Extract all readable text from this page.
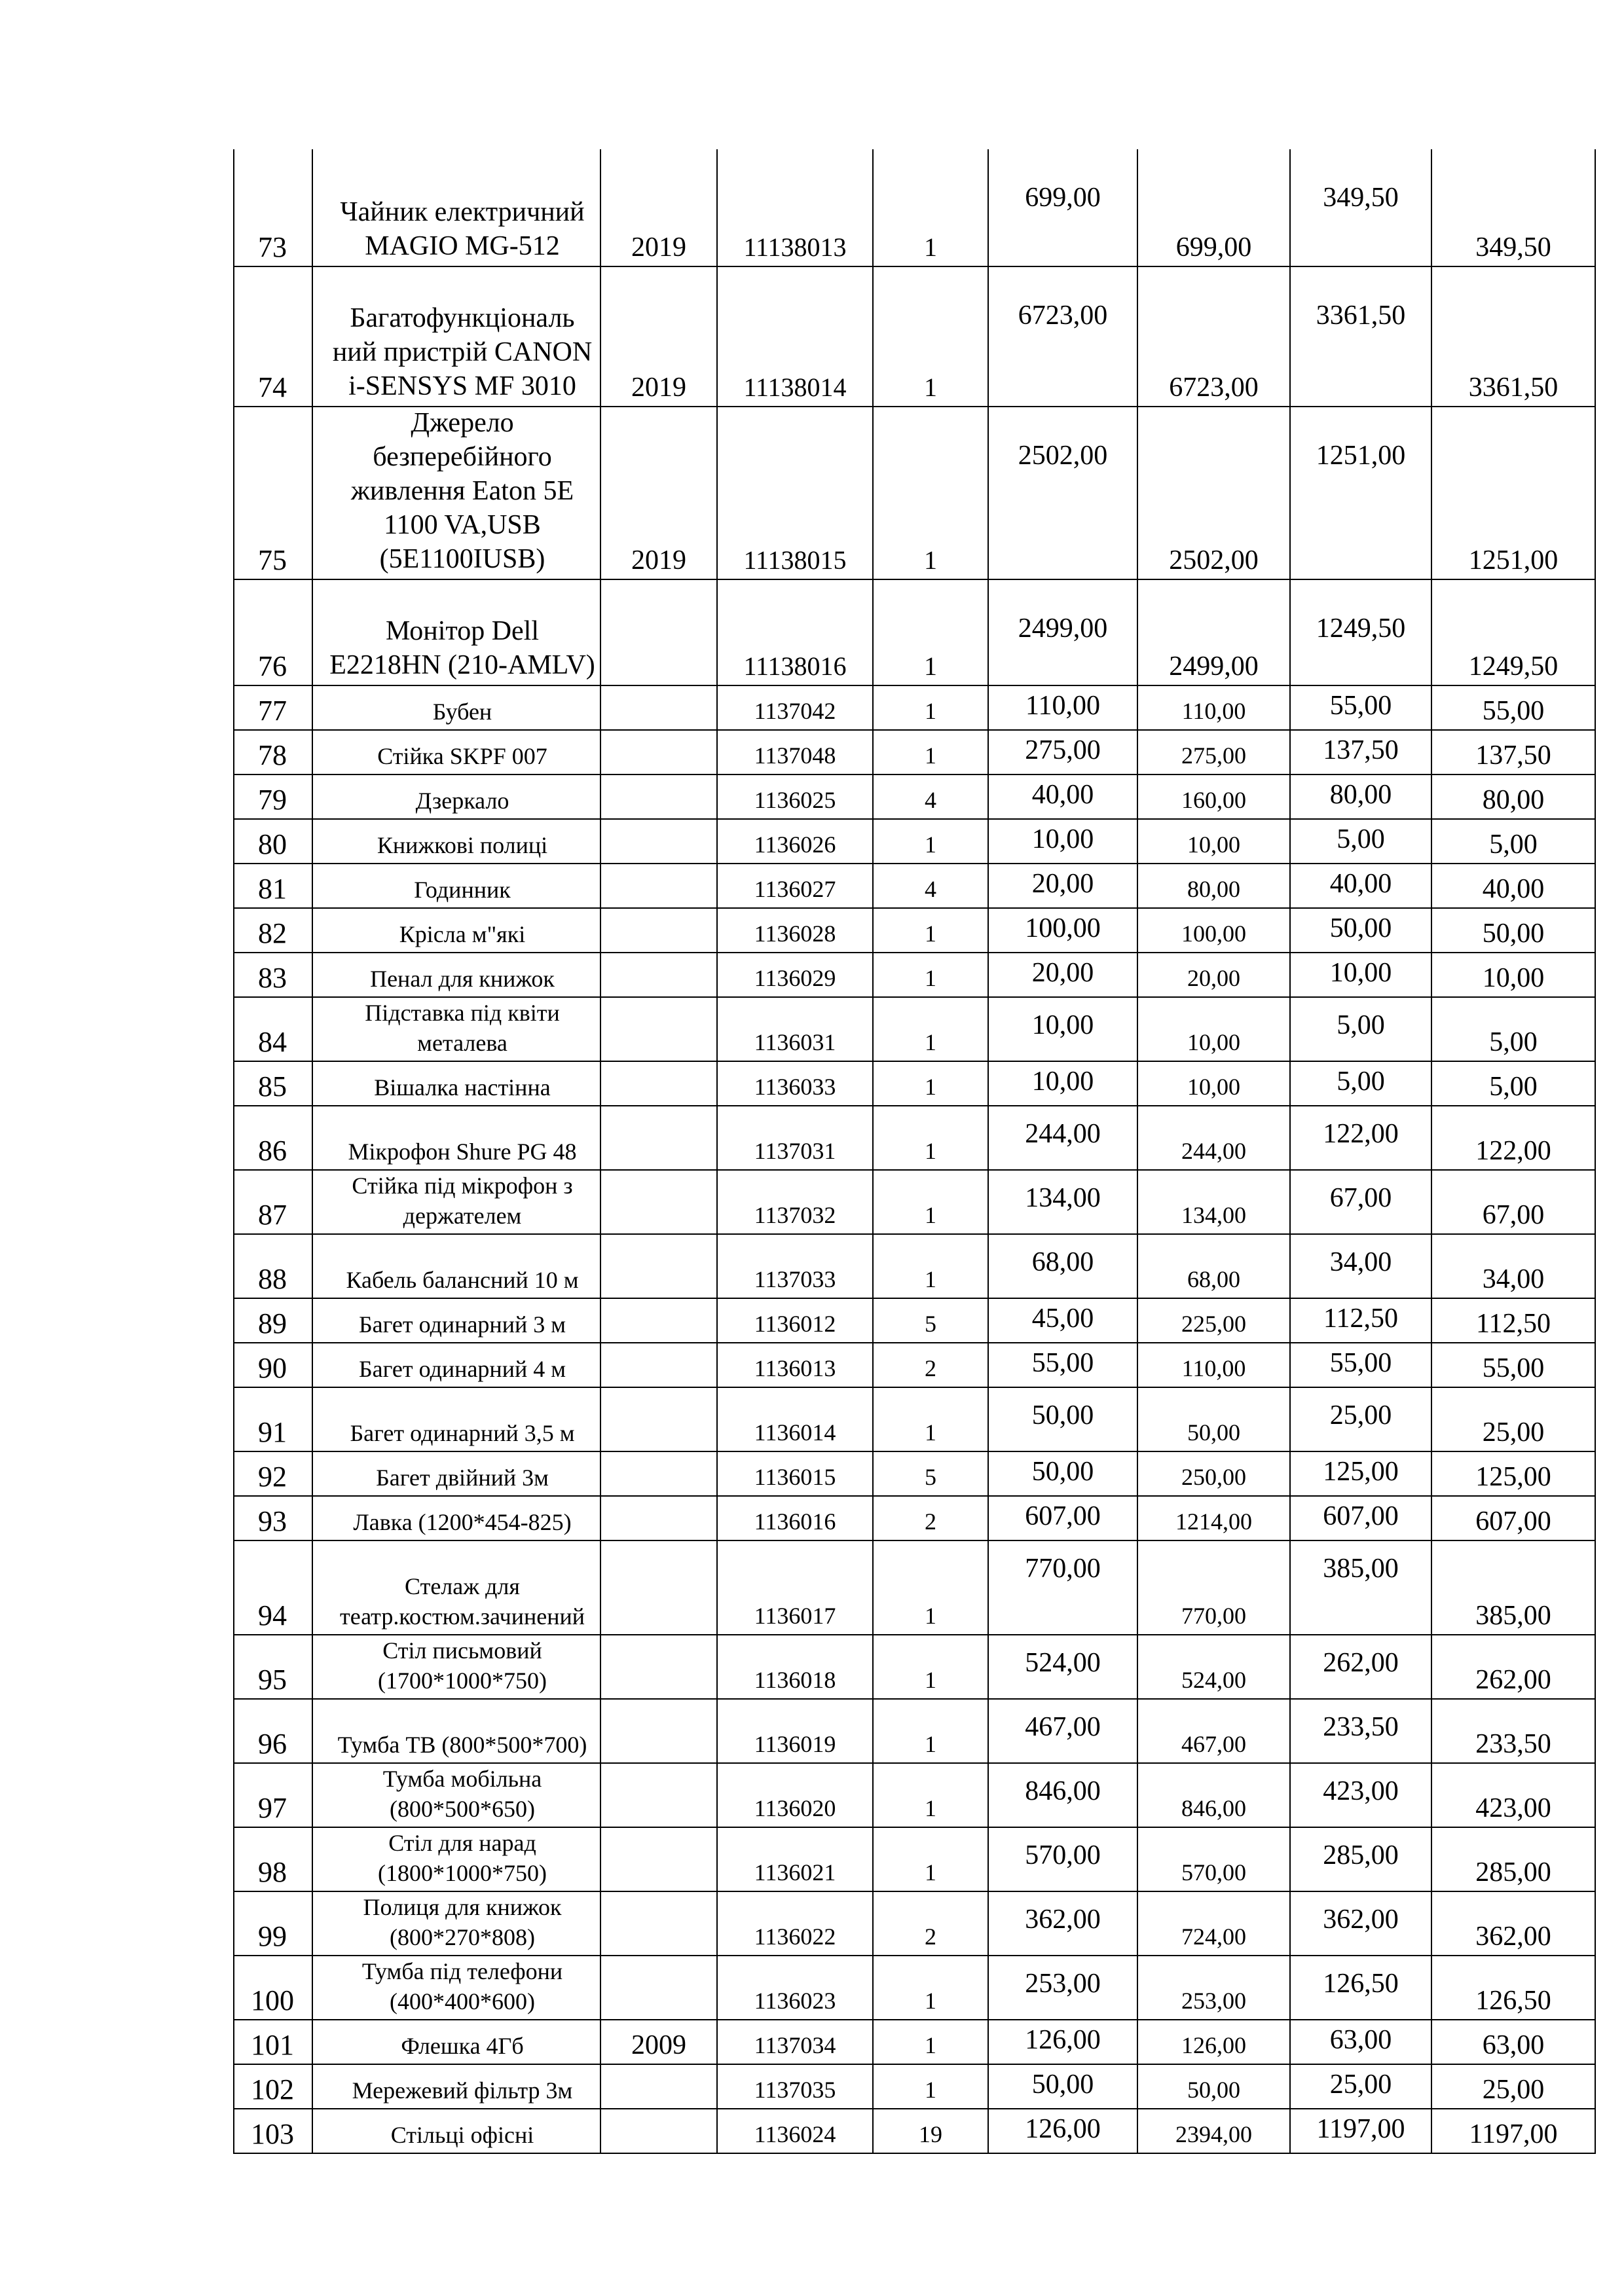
73	Чайник електричний MAGIO MG-512	2019	11138013	1	699,00	699,00	349,50	349,50

74	Багатофункціональ ний пристрій CANON i-SENSYS MF 3010	2019	11138014	1	6723,00	6723,00	3361,50	3361,50

75	Джерело безперебійного живлення Eaton 5E 1100 VA,USB (5E1100IUSB)	2019	11138015	1	2502,00	2502,00	1251,00	1251,00

76	Монітор Dell E2218HN (210-AMLV)		11138016	1	2499,00	2499,00	1249,50	1249,50

77	Бубен		1137042	1	110,00	110,00	55,00	55,00

78	Стійка SKPF 007		1137048	1	275,00	275,00	137,50	137,50

79	Дзеркало		1136025	4	40,00	160,00	80,00	80,00

80	Книжкові полиці		1136026	1	10,00	10,00	5,00	5,00

81	Годинник		1136027	4	20,00	80,00	40,00	40,00

82	Крісла м"які		1136028	1	100,00	100,00	50,00	50,00

83	Пенал для книжок		1136029	1	20,00	20,00	10,00	10,00

84	Підставка під квіти металева		1136031	1	10,00	10,00	5,00	5,00

85	Вішалка настінна		1136033	1	10,00	10,00	5,00	5,00

86	Мікрофон Shure PG 48		1137031	1	244,00	244,00	122,00	122,00

87	Стійка під мікрофон з держателем		1137032	1	134,00	134,00	67,00	67,00

88	Кабель балансний 10 м		1137033	1	68,00	68,00	34,00	34,00

89	Багет одинарний 3 м		1136012	5	45,00	225,00	112,50	112,50

90	Багет одинарний 4 м		1136013	2	55,00	110,00	55,00	55,00

91	Багет одинарний 3,5 м		1136014	1	50,00	50,00	25,00	25,00

92	Багет двійний 3м		1136015	5	50,00	250,00	125,00	125,00

93	Лавка (1200*454-825)		1136016	2	607,00	1214,00	607,00	607,00

94	Стелаж для театр.костюм.зачинений		1136017	1	770,00	770,00	385,00	385,00

95	Стіл письмовий (1700*1000*750)		1136018	1	524,00	524,00	262,00	262,00

96	Тумба ТВ (800*500*700)		1136019	1	467,00	467,00	233,50	233,50

97	Тумба мобільна (800*500*650)		1136020	1	846,00	846,00	423,00	423,00

98	Стіл для нарад (1800*1000*750)		1136021	1	570,00	570,00	285,00	285,00

99	Полиця для книжок (800*270*808)		1136022	2	362,00	724,00	362,00	362,00

100	Тумба під телефони (400*400*600)		1136023	1	253,00	253,00	126,50	126,50

101	Флешка 4Гб	2009	1137034	1	126,00	126,00	63,00	63,00

102	Мережевий фільтр 3м		1137035	1	50,00	50,00	25,00	25,00

103	Стільці офісні		1136024	19	126,00	2394,00	1197,00	1197,00
